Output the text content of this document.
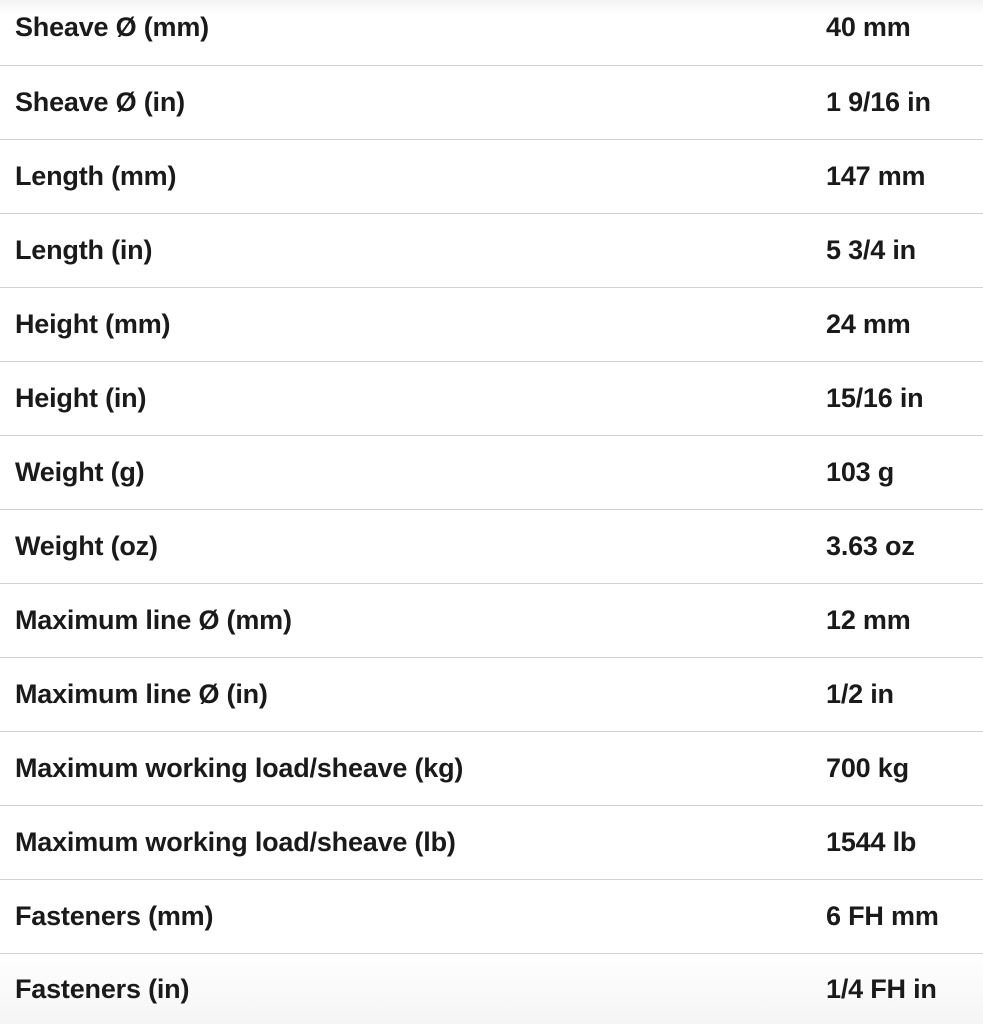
Sheave Ø (mm)	40 mm
Sheave Ø (in)	1 9/16 in
Length (mm)	147 mm
Length (in)	5 3/4 in
Height (mm)	24 mm
Height (in)	15/16 in
Weight (g)	103 g
Weight (oz)	3.63 oz
Maximum line Ø (mm)	12 mm
Maximum line Ø (in)	1/2 in
Maximum working load/sheave (kg)	700 kg
Maximum working load/sheave (lb)	1544 lb
Fasteners (mm)	6 FH mm
Fasteners (in)	1/4 FH in
